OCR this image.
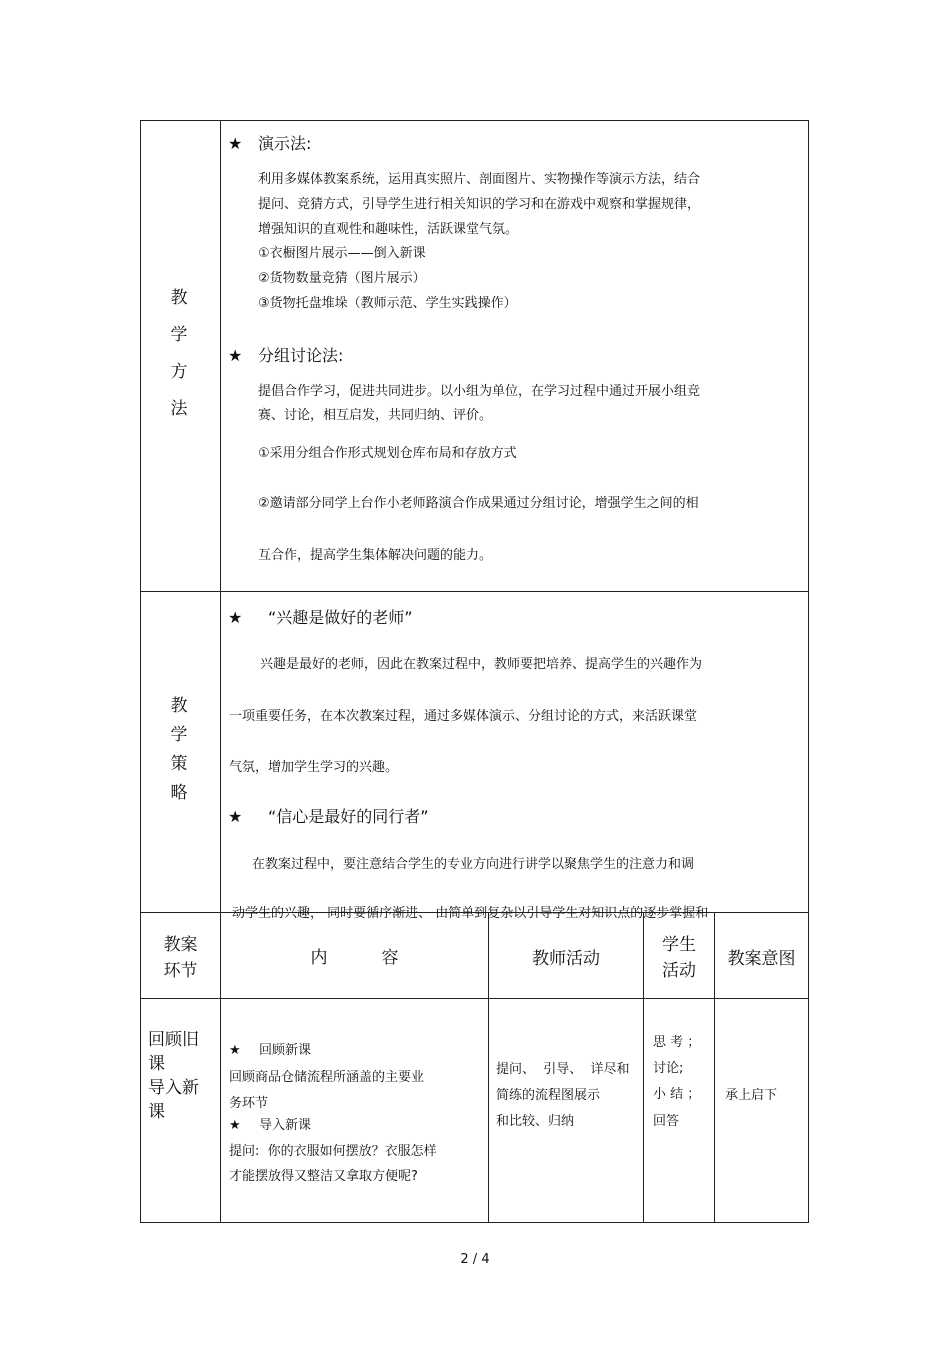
教
学
方
法
★ 演示法:
利用多媒体教案系统，运用真实照片、剖面图片、实物操作等演示方法，结合
提问、竞猜方式，引导学生进行相关知识的学习和在游戏中观察和掌握规律，
增强知识的直观性和趣味性，活跃课堂气氛。
①衣橱图片展示——倒入新课
②货物数量竞猜（图片展示）
③货物托盘堆垛（教师示范、学生实践操作）
★ 分组讨论法:
提倡合作学习，促进共同进步。以小组为单位，在学习过程中通过开展小组竞
赛、讨论，相互启发，共同归纳、评价。
①采用分组合作形式规划仓库布局和存放方式
②邀请部分同学上台作小老师路演合作成果通过分组讨论，增强学生之间的相
互合作，提高学生集体解决问题的能力。
教
学
策
略
★ “兴趣是做好的老师”
兴趣是最好的老师，因此在教案过程中，教师要把培养、提高学生的兴趣作为
一项重要任务，在本次教案过程，通过多媒体演示、分组讨论的方式，来活跃课堂
气氛，增加学生学习的兴趣。
★ “信心是最好的同行者”
在教案过程中，要注意结合学生的专业方向进行讲学以聚焦学生的注意力和调
动学生的兴趣， 同时要循序渐进、 由简单到复杂以引导学生对知识点的逐步掌握和
教案
环节
内          容	教师活动
学生
活动
教案意图
回顾旧
课
导入新
课
★ 回顾新课
回顾商品仓储流程所涵盖的主要业
务环节
★ 导入新课
提问:  你的衣服如何摆放？衣服怎样
才能摆放得又整洁又拿取方便呢?
提问、  引导、  详尽和
简练的流程图展示
和比较、归纳
思 考 ；
讨论;
小 结 ；
回答
承上启下
2 / 4
